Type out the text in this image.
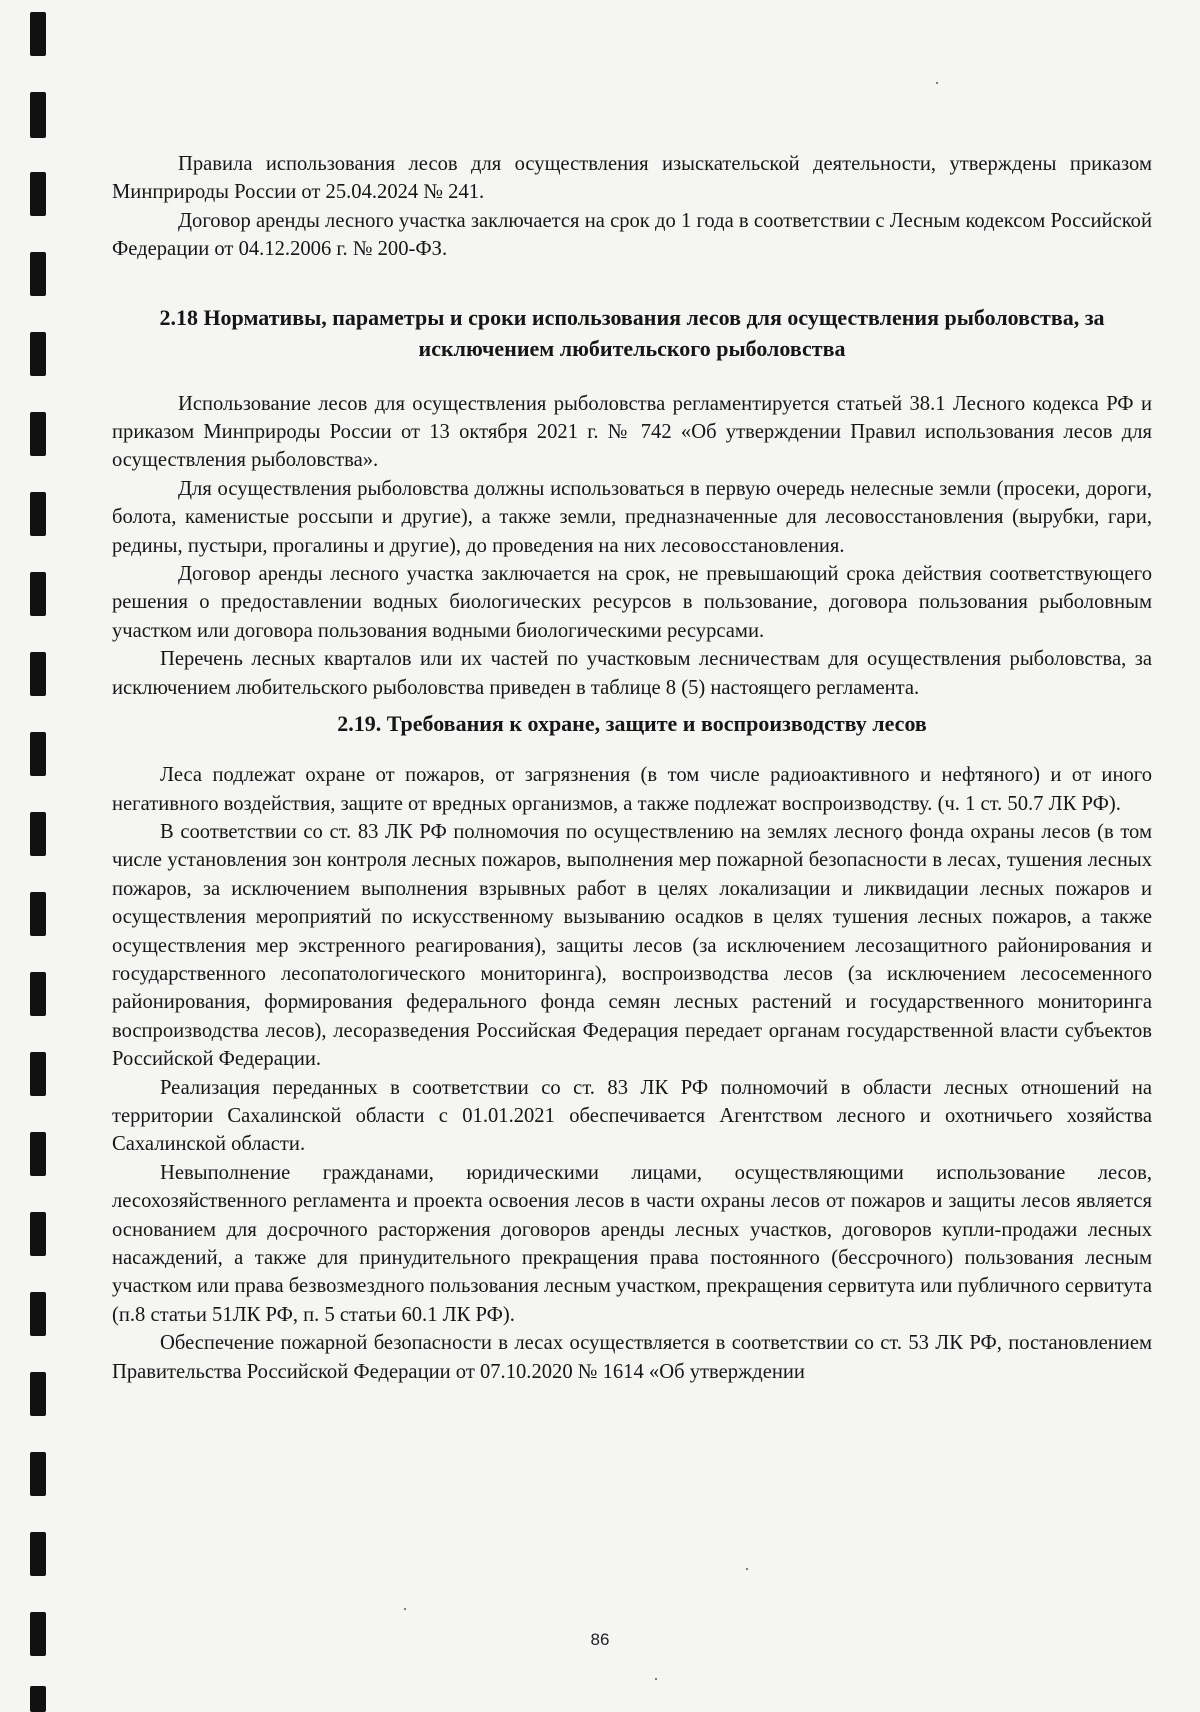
Правила использования лесов для осуществления изыскательской деятельности, утверждены приказом Минприроды России от 25.04.2024 № 241.

Договор аренды лесного участка заключается на срок до 1 года в соответствии с Лесным кодексом Российской Федерации от 04.12.2006 г. № 200-ФЗ.

2.18 Нормативы, параметры и сроки использования лесов для осуществления рыболовства, за исключением любительского рыболовства

Использование лесов для осуществления рыболовства регламентируется статьей 38.1 Лесного кодекса РФ и приказом Минприроды России от 13 октября 2021 г. № 742 «Об утверждении Правил использования лесов для осуществления рыболовства».

Для осуществления рыболовства должны использоваться в первую очередь нелесные земли (просеки, дороги, болота, каменистые россыпи и другие), а также земли, предназначенные для лесовосстановления (вырубки, гари, редины, пустыри, прогалины и другие), до проведения на них лесовосстановления.

Договор аренды лесного участка заключается на срок, не превышающий срока действия соответствующего решения о предоставлении водных биологических ресурсов в пользование, договора пользования рыболовным участком или договора пользования водными биологическими ресурсами.

Перечень лесных кварталов или их частей по участковым лесничествам для осуществления рыболовства, за исключением любительского рыболовства приведен в таблице 8 (5) настоящего регламента.

2.19. Требования к охране, защите и воспроизводству лесов

Леса подлежат охране от пожаров, от загрязнения (в том числе радиоактивного и нефтяного) и от иного негативного воздействия, защите от вредных организмов, а также подлежат воспроизводству. (ч. 1 ст. 50.7 ЛК РФ).

В соответствии со ст. 83 ЛК РФ полномочия по осуществлению на землях лесного фонда охраны лесов (в том числе установления зон контроля лесных пожаров, выполнения мер пожарной безопасности в лесах, тушения лесных пожаров, за исключением выполнения взрывных работ в целях локализации и ликвидации лесных пожаров и осуществления мероприятий по искусственному вызыванию осадков в целях тушения лесных пожаров, а также осуществления мер экстренного реагирования), защиты лесов (за исключением лесозащитного районирования и государственного лесопатологического мониторинга), воспроизводства лесов (за исключением лесосеменного районирования, формирования федерального фонда семян лесных растений и государственного мониторинга воспроизводства лесов), лесоразведения Российская Федерация передает органам государственной власти субъектов Российской Федерации.

Реализация переданных в соответствии со ст. 83 ЛК РФ полномочий в области лесных отношений на территории Сахалинской области с 01.01.2021 обеспечивается Агентством лесного и охотничьего хозяйства Сахалинской области.

Невыполнение гражданами, юридическими лицами, осуществляющими использование лесов, лесохозяйственного регламента и проекта освоения лесов в части охраны лесов от пожаров и защиты лесов является основанием для досрочного расторжения договоров аренды лесных участков, договоров купли-продажи лесных насаждений, а также для принудительного прекращения права постоянного (бессрочного) пользования лесным участком или права безвозмездного пользования лесным участком, прекращения сервитута или публичного сервитута (п.8 статьи 51ЛК РФ, п. 5 статьи 60.1 ЛК РФ).

Обеспечение пожарной безопасности в лесах осуществляется в соответствии со ст. 53 ЛК РФ, постановлением Правительства Российской Федерации от 07.10.2020 № 1614 «Об утверждении

86
